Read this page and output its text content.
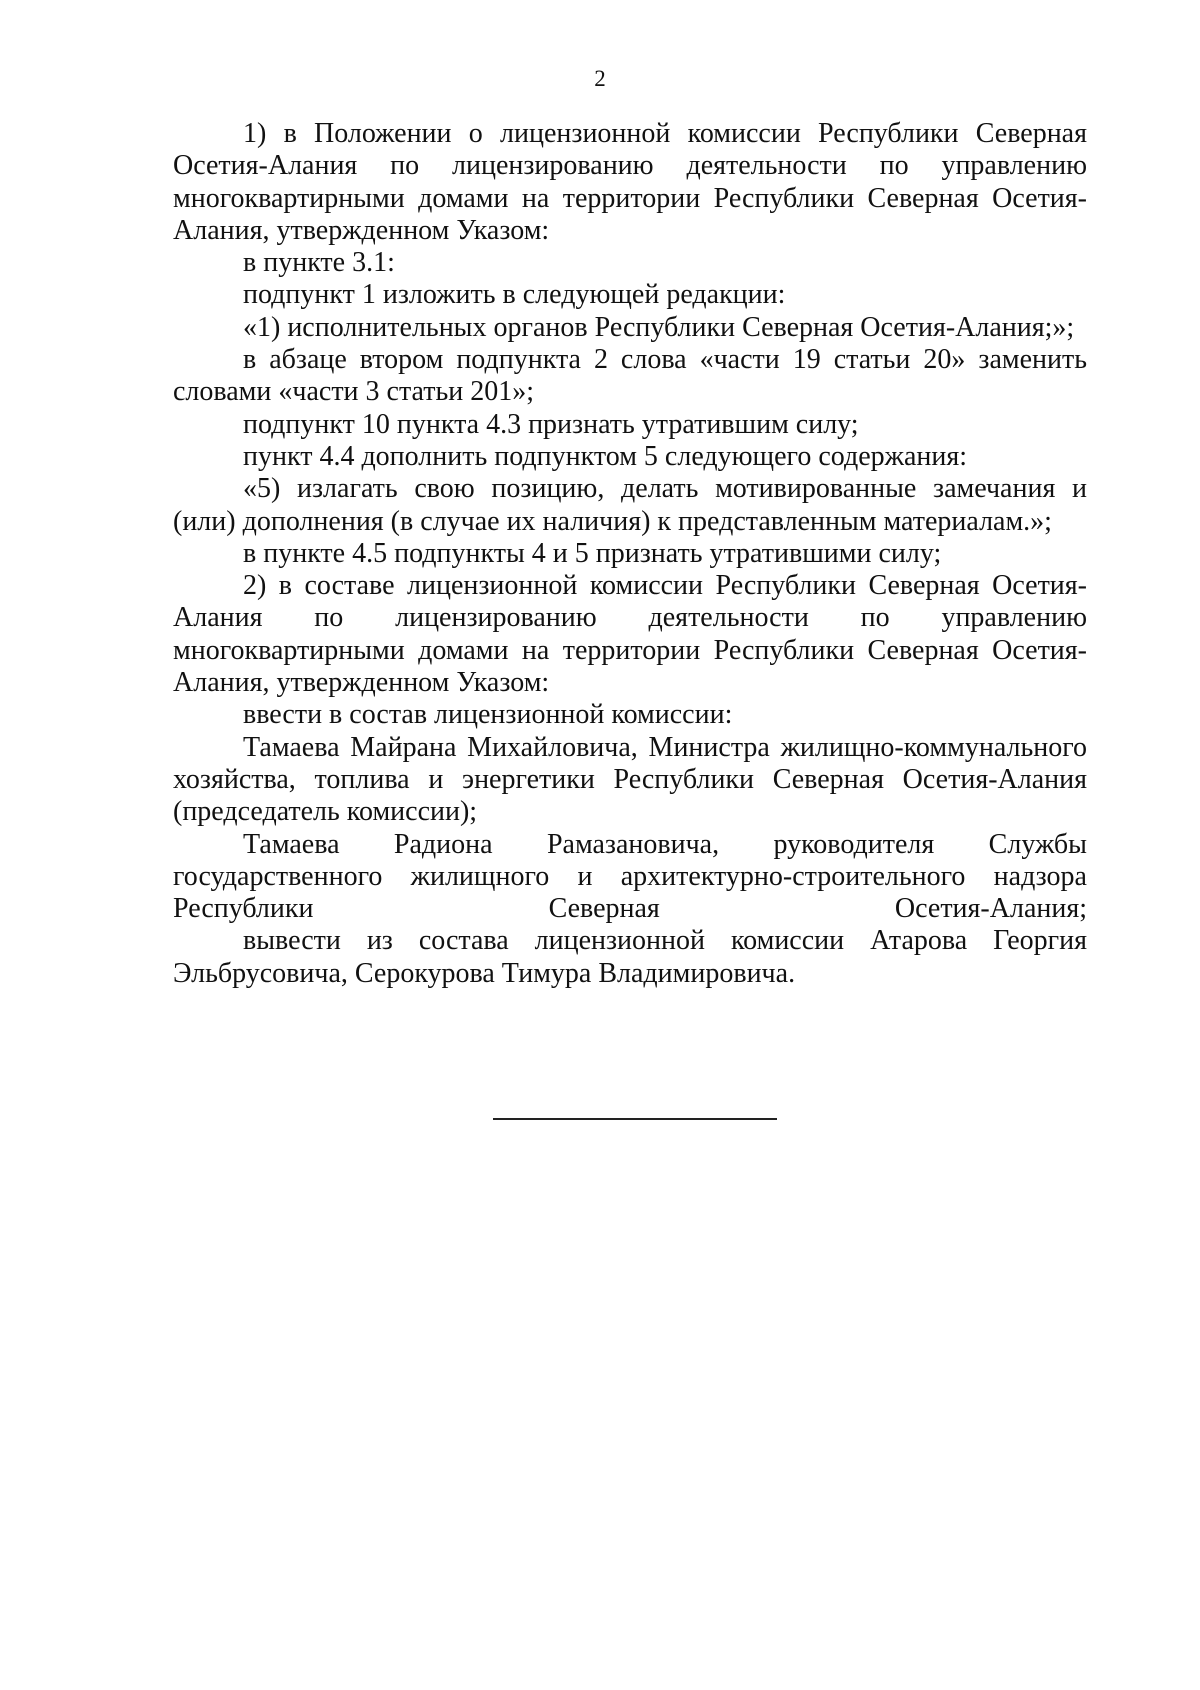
2

1) в Положении о лицензионной комиссии Республики Северная Осетия-Алания по лицензированию деятельности по управлению многоквартирными домами на территории Республики Северная Осетия-Алания, утвержденном Указом:

в пункте 3.1:

подпункт 1 изложить в следующей редакции:

«1) исполнительных органов Республики Северная Осетия-Алания;»;

в абзаце втором подпункта 2 слова «части 19 статьи 20» заменить словами «части 3 статьи 201»;

подпункт 10 пункта 4.3 признать утратившим силу;

пункт 4.4 дополнить подпунктом 5 следующего содержания:

«5) излагать свою позицию, делать мотивированные замечания и (или) дополнения (в случае их наличия) к представленным материалам.»;

в пункте 4.5 подпункты 4 и 5 признать утратившими силу;

2) в составе лицензионной комиссии Республики Северная Осетия-Алания по лицензированию деятельности по управлению многоквартирными домами на территории Республики Северная Осетия-Алания, утвержденном Указом:

ввести в состав лицензионной комиссии:

Тамаева Майрана Михайловича, Министра жилищно-коммунального хозяйства, топлива и энергетики Республики Северная Осетия-Алания (председатель комиссии);

Тамаева Радиона Рамазановича, руководителя Службы государственного жилищного и архитектурно-строительного надзора Республики Северная Осетия-Алания;

вывести из состава лицензионной комиссии Атарова Георгия Эльбрусовича, Серокурова Тимура Владимировича.
